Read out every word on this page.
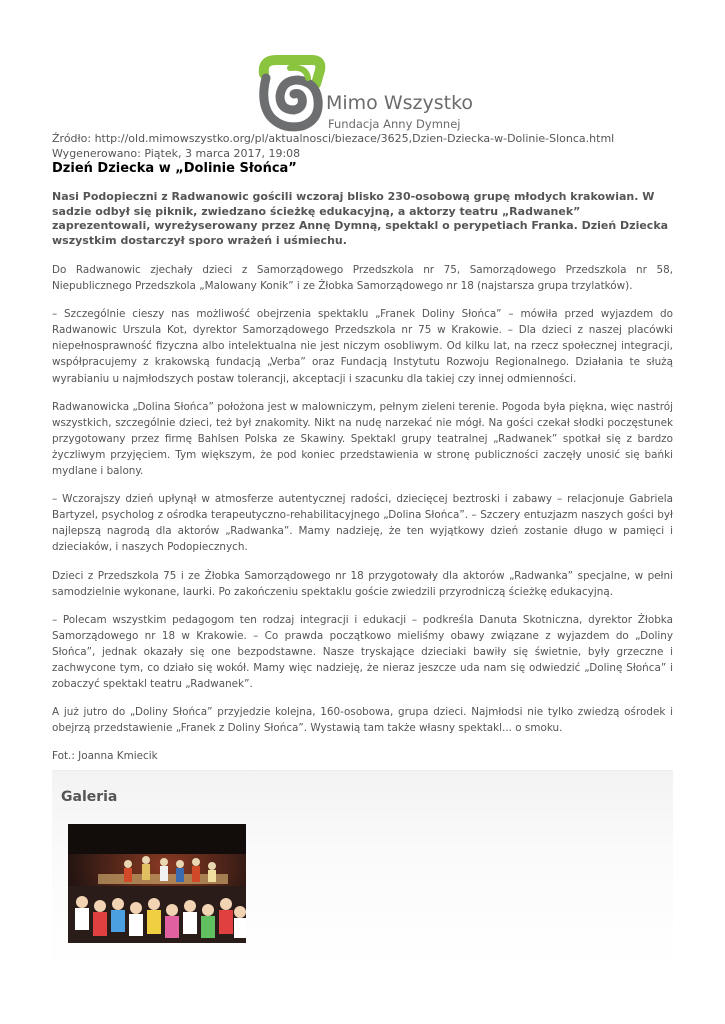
Mimo Wszystko
Fundacja Anny Dymnej
Źródło: http://old.mimowszystko.org/pl/aktualnosci/biezace/3625,Dzien-Dziecka-w-Dolinie-Slonca.html
Wygenerowano: Piątek, 3 marca 2017, 19:08
Dzień Dziecka w „Dolinie Słońca”

Nasi Podopieczni z Radwanowic gościli wczoraj blisko 230-osobową grupę młodych krakowian. W sadzie odbył się piknik, zwiedzano ścieżkę edukacyjną, a aktorzy teatru „Radwanek” zaprezentowali, wyreżyserowany przez Annę Dymną, spektakl o perypetiach Franka. Dzień Dziecka wszystkim dostarczył sporo wrażeń i uśmiechu.

Do Radwanowic zjechały dzieci z Samorządowego Przedszkola nr 75, Samorządowego Przedszkola nr 58, Niepublicznego Przedszkola „Malowany Konik” i ze Żłobka Samorządowego nr 18 (najstarsza grupa trzylatków).

– Szczególnie cieszy nas możliwość obejrzenia spektaklu „Franek Doliny Słońca” – mówiła przed wyjazdem do Radwanowic Urszula Kot, dyrektor Samorządowego Przedszkola nr 75 w Krakowie. – Dla dzieci z naszej placówki niepełnosprawność fizyczna albo intelektualna nie jest niczym osobliwym. Od kilku lat, na rzecz społecznej integracji, współpracujemy z krakowską fundacją „Verba” oraz Fundacją Instytutu Rozwoju Regionalnego. Działania te służą wyrabianiu u najmłodszych postaw tolerancji, akceptacji i szacunku dla takiej czy innej odmienności.

Radwanowicka „Dolina Słońca” położona jest w malowniczym, pełnym zieleni terenie. Pogoda była piękna, więc nastrój wszystkich, szczególnie dzieci, też był znakomity. Nikt na nudę narzekać nie mógł. Na gości czekał słodki poczęstunek przygotowany przez firmę Bahlsen Polska ze Skawiny. Spektakl grupy teatralnej „Radwanek” spotkał się z bardzo życzliwym przyjęciem. Tym większym, że pod koniec przedstawienia w stronę publiczności zaczęły unosić się bańki mydlane i balony.

– Wczorajszy dzień upłynął w atmosferze autentycznej radości, dziecięcej beztroski i zabawy – relacjonuje Gabriela Bartyzel, psycholog z ośrodka terapeutyczno-rehabilitacyjnego „Dolina Słońca”. – Szczery entuzjazm naszych gości był najlepszą nagrodą dla aktorów „Radwanka”. Mamy nadzieję, że ten wyjątkowy dzień zostanie długo w pamięci i dzieciaków, i naszych Podopiecznych.

Dzieci z Przedszkola 75 i ze Żłobka Samorządowego nr 18 przygotowały dla aktorów „Radwanka” specjalne, w pełni samodzielnie wykonane, laurki. Po zakończeniu spektaklu goście zwiedzili przyrodniczą ścieżkę edukacyjną.

– Polecam wszystkim pedagogom ten rodzaj integracji i edukacji – podkreśla Danuta Skotniczna, dyrektor Żłobka Samorządowego nr 18 w Krakowie. – Co prawda początkowo mieliśmy obawy związane z wyjazdem do „Doliny Słońca”, jednak okazały się one bezpodstawne. Nasze tryskające dzieciaki bawiły się świetnie, były grzeczne i zachwycone tym, co działo się wokół. Mamy więc nadzieję, że nieraz jeszcze uda nam się odwiedzić „Dolinę Słońca” i zobaczyć spektakl teatru „Radwanek”.

A już jutro do „Doliny Słońca” przyjedzie kolejna, 160-osobowa, grupa dzieci. Najmłodsi nie tylko zwiedzą ośrodek i obejrzą przedstawienie „Franek z Doliny Słońca”. Wystawią tam także własny spektakl... o smoku.

Fot.: Joanna Kmiecik

Galeria
